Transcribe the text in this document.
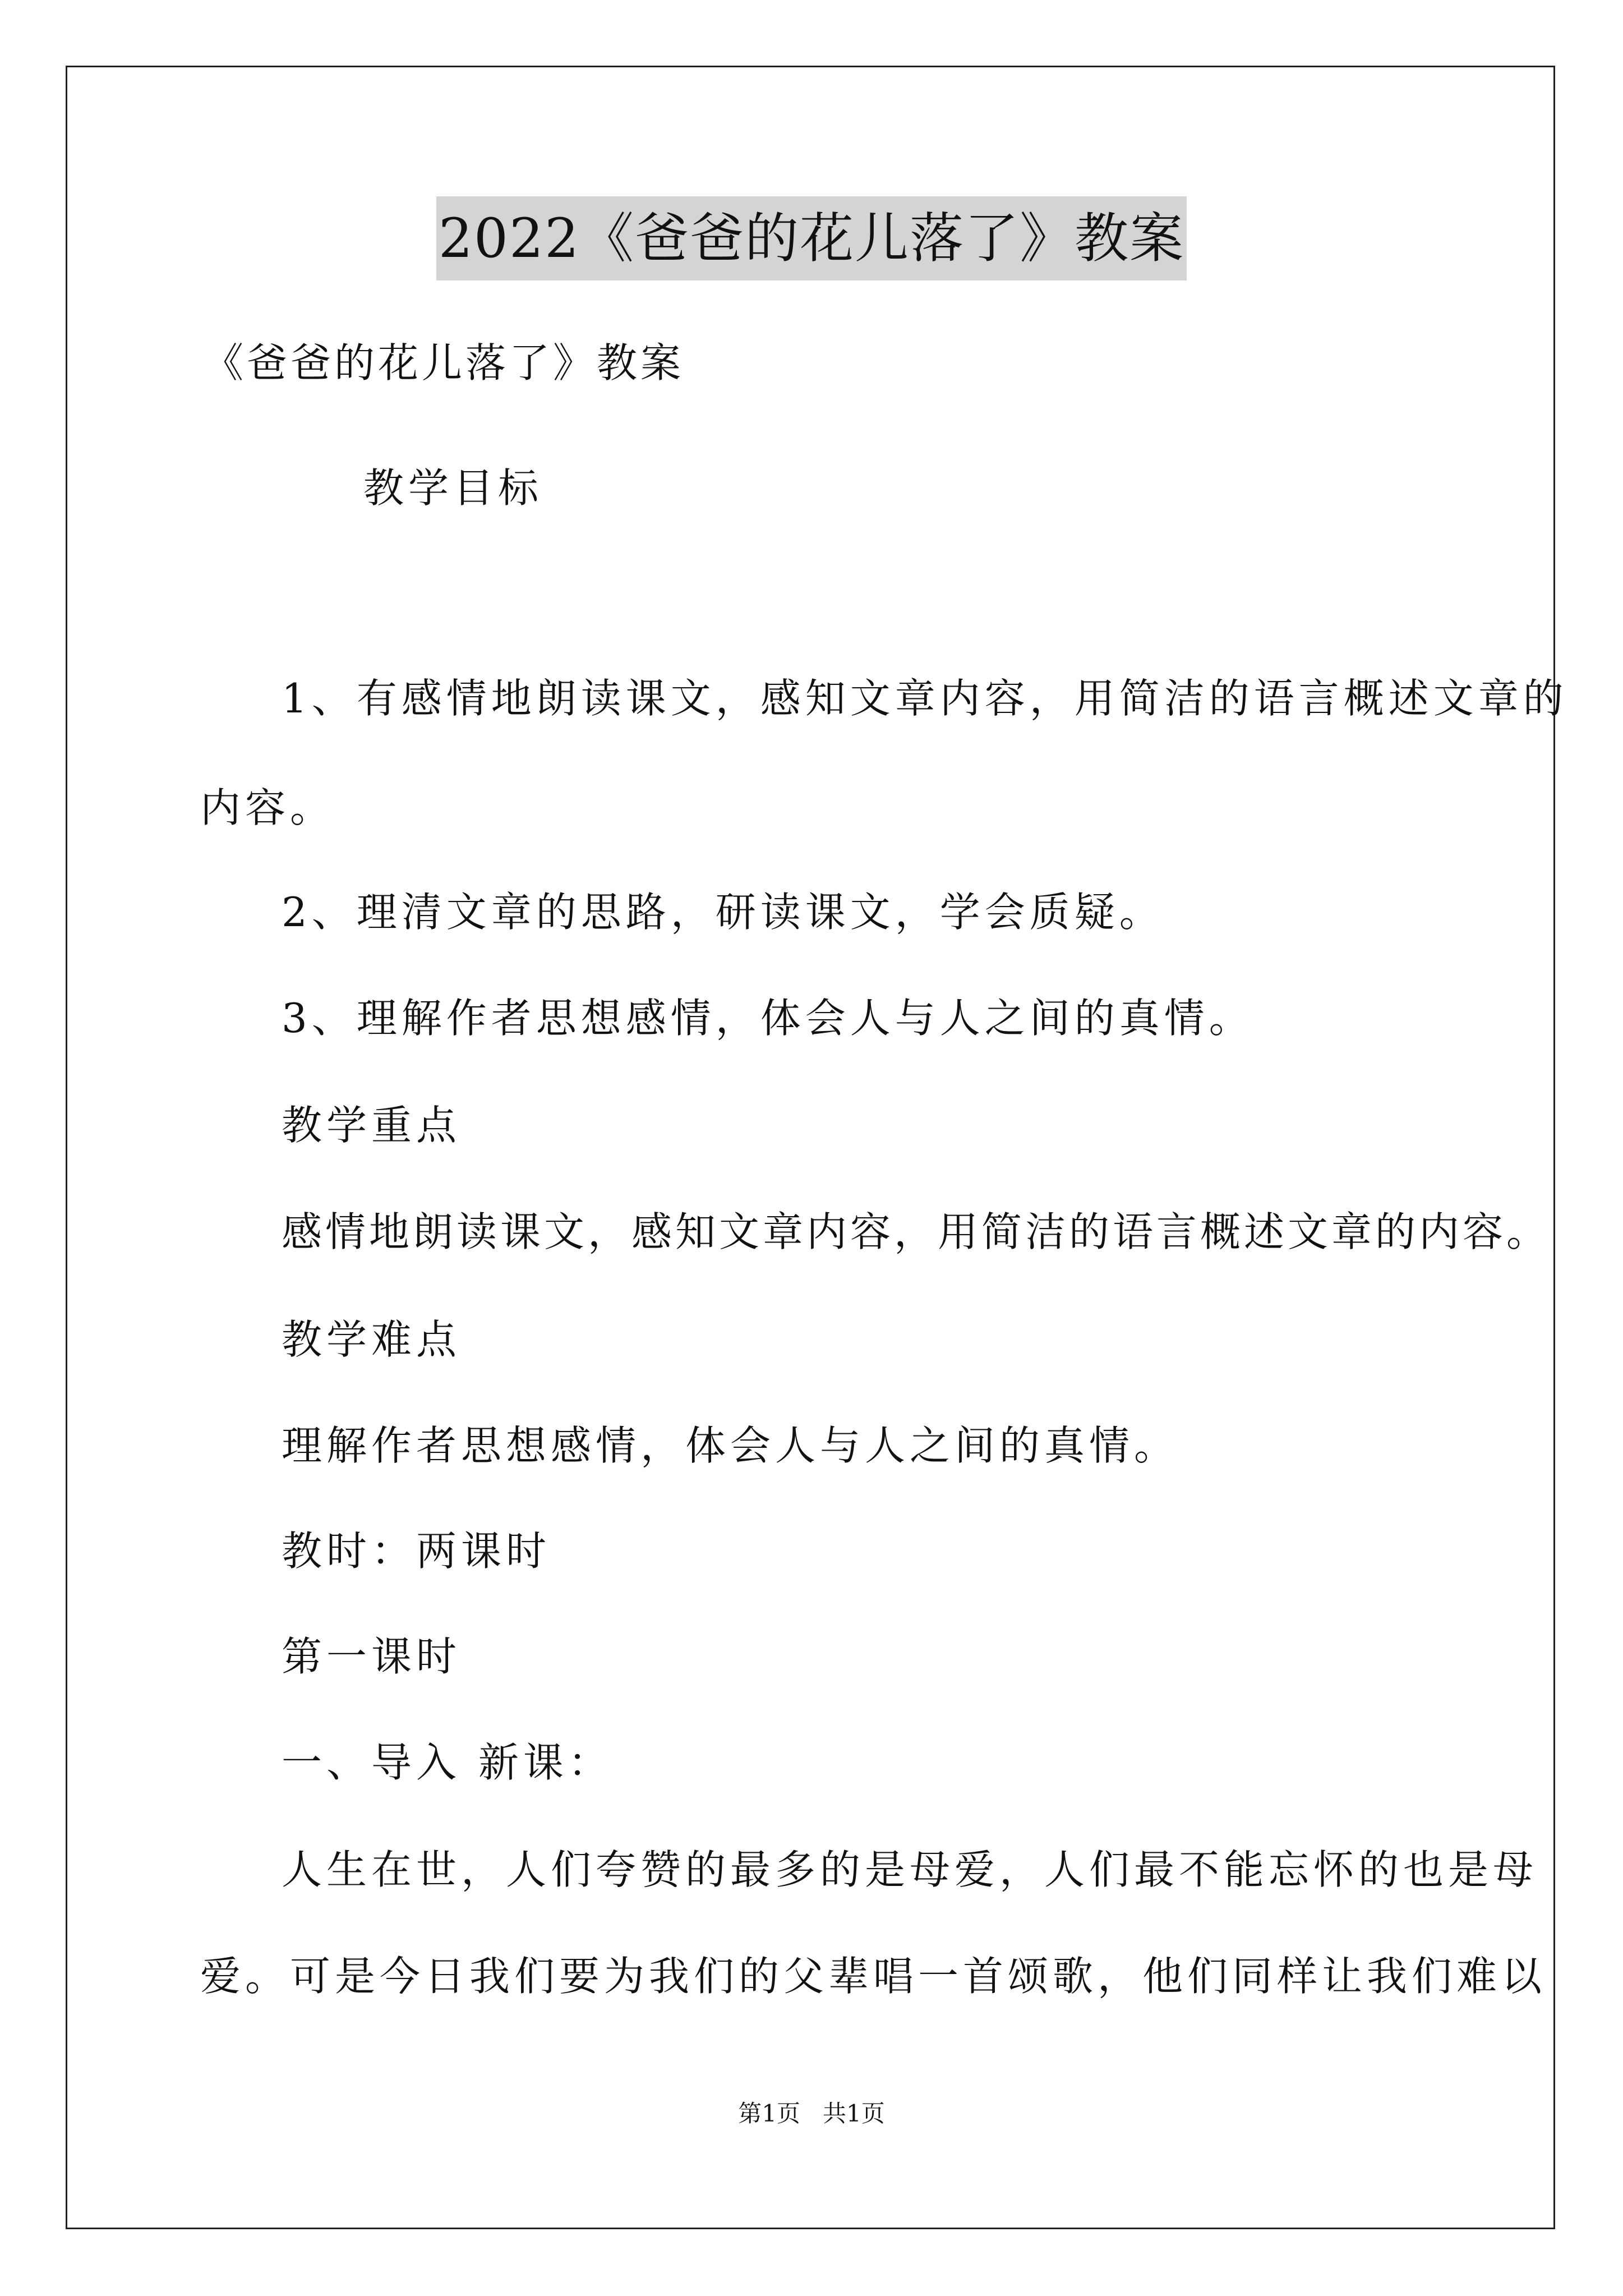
2022《爸爸的花儿落了》教案
《爸爸的花儿落了》教案
教学目标
1、有感情地朗读课文，感知文章内容，用简洁的语言概述文章的
内容。
2、理清文章的思路，研读课文，学会质疑。
3、理解作者思想感情，体会人与人之间的真情。
教学重点
感情地朗读课文，感知文章内容，用简洁的语言概述文章的内容。
教学难点
理解作者思想感情，体会人与人之间的真情。
教时：两课时
第一课时
一、导入 新课：
人生在世，人们夸赞的最多的是母爱，人们最不能忘怀的也是母
爱。可是今日我们要为我们的父辈唱一首颂歌，他们同样让我们难以
第1页   共1页
